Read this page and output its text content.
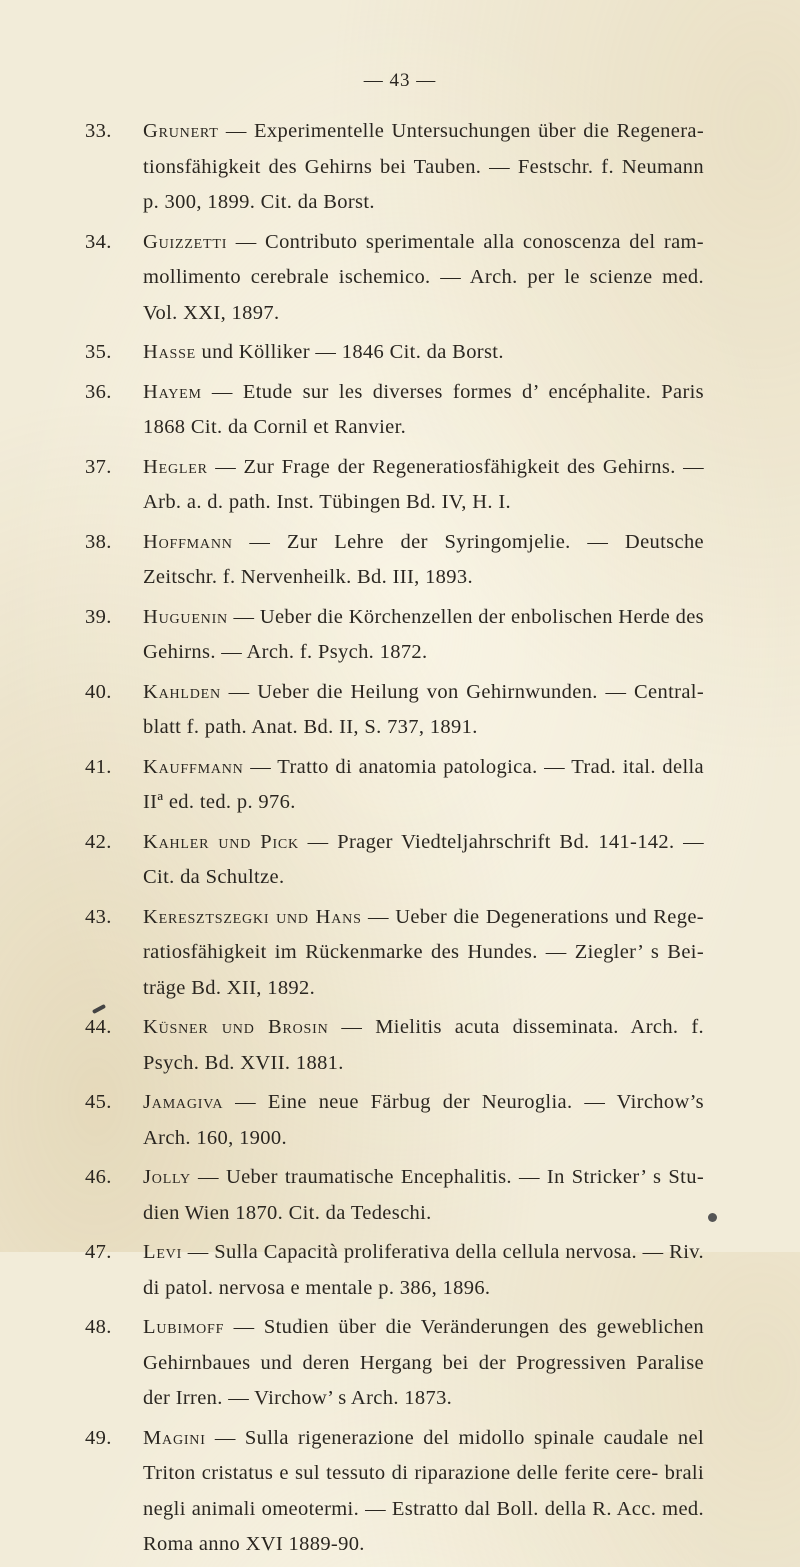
— 43 —
33.	Grunert — Experimentelle Untersuchungen über die Regenera- tionsfähigkeit des Gehirns bei Tauben. — Festschr. f. Neumann p. 300, 1899. Cit. da Borst.
34.	Guizzetti — Contributo sperimentale alla conoscenza del ram- mollimento cerebrale ischemico. — Arch. per le scienze med. Vol. XXI, 1897.
35.	Hasse und Kölliker — 1846 Cit. da Borst.
36.	Hayem — Etude sur les diverses formes d’ encéphalite. Paris 1868 Cit. da Cornil et Ranvier.
37.	Hegler — Zur Frage der Regeneratiosfähigkeit des Gehirns. — Arb. a. d. path. Inst. Tübingen Bd. IV, H. I.
38.	Hoffmann — Zur Lehre der Syringomjelie. — Deutsche Zeitschr. f. Nervenheilk. Bd. III, 1893.
39.	Huguenin — Ueber die Körchenzellen der enbolischen Herde des Gehirns. — Arch. f. Psych. 1872.
40.	Kahlden — Ueber die Heilung von Gehirnwunden. — Central- blatt f. path. Anat. Bd. II, S. 737, 1891.
41.	Kauffmann — Tratto di anatomia patologica. — Trad. ital. della IIª ed. ted. p. 976.
42.	Kahler und Pick — Prager Viedteljahrschrift Bd. 141-142. — Cit. da Schultze.
43.	Keresztszegki und Hans — Ueber die Degenerations und Rege- ratiosfähigkeit im Rückenmarke des Hundes. — Ziegler’ s Bei- träge Bd. XII, 1892.
44.	Küsner und Brosin — Mielitis acuta disseminata. Arch. f. Psych. Bd. XVII. 1881.
45.	Jamagiva — Eine neue Färbug der Neuroglia. — Virchow’s Arch. 160, 1900.
46.	Jolly — Ueber traumatische Encephalitis. — In Stricker’ s Stu- dien Wien 1870. Cit. da Tedeschi.
47.	Levi — Sulla Capacità proliferativa della cellula nervosa. — Riv. di patol. nervosa e mentale p. 386, 1896.
48.	Lubimoff — Studien über die Veränderungen des geweblichen Gehirnbaues und deren Hergang bei der Progressiven Paralise der Irren. — Virchow’ s Arch. 1873.
49.	Magini — Sulla rigenerazione del midollo spinale caudale nel Triton cristatus e sul tessuto di riparazione delle ferite cere- brali negli animali omeotermi. — Estratto dal Boll. della R. Acc. med. Roma anno XVI 1889-90.
